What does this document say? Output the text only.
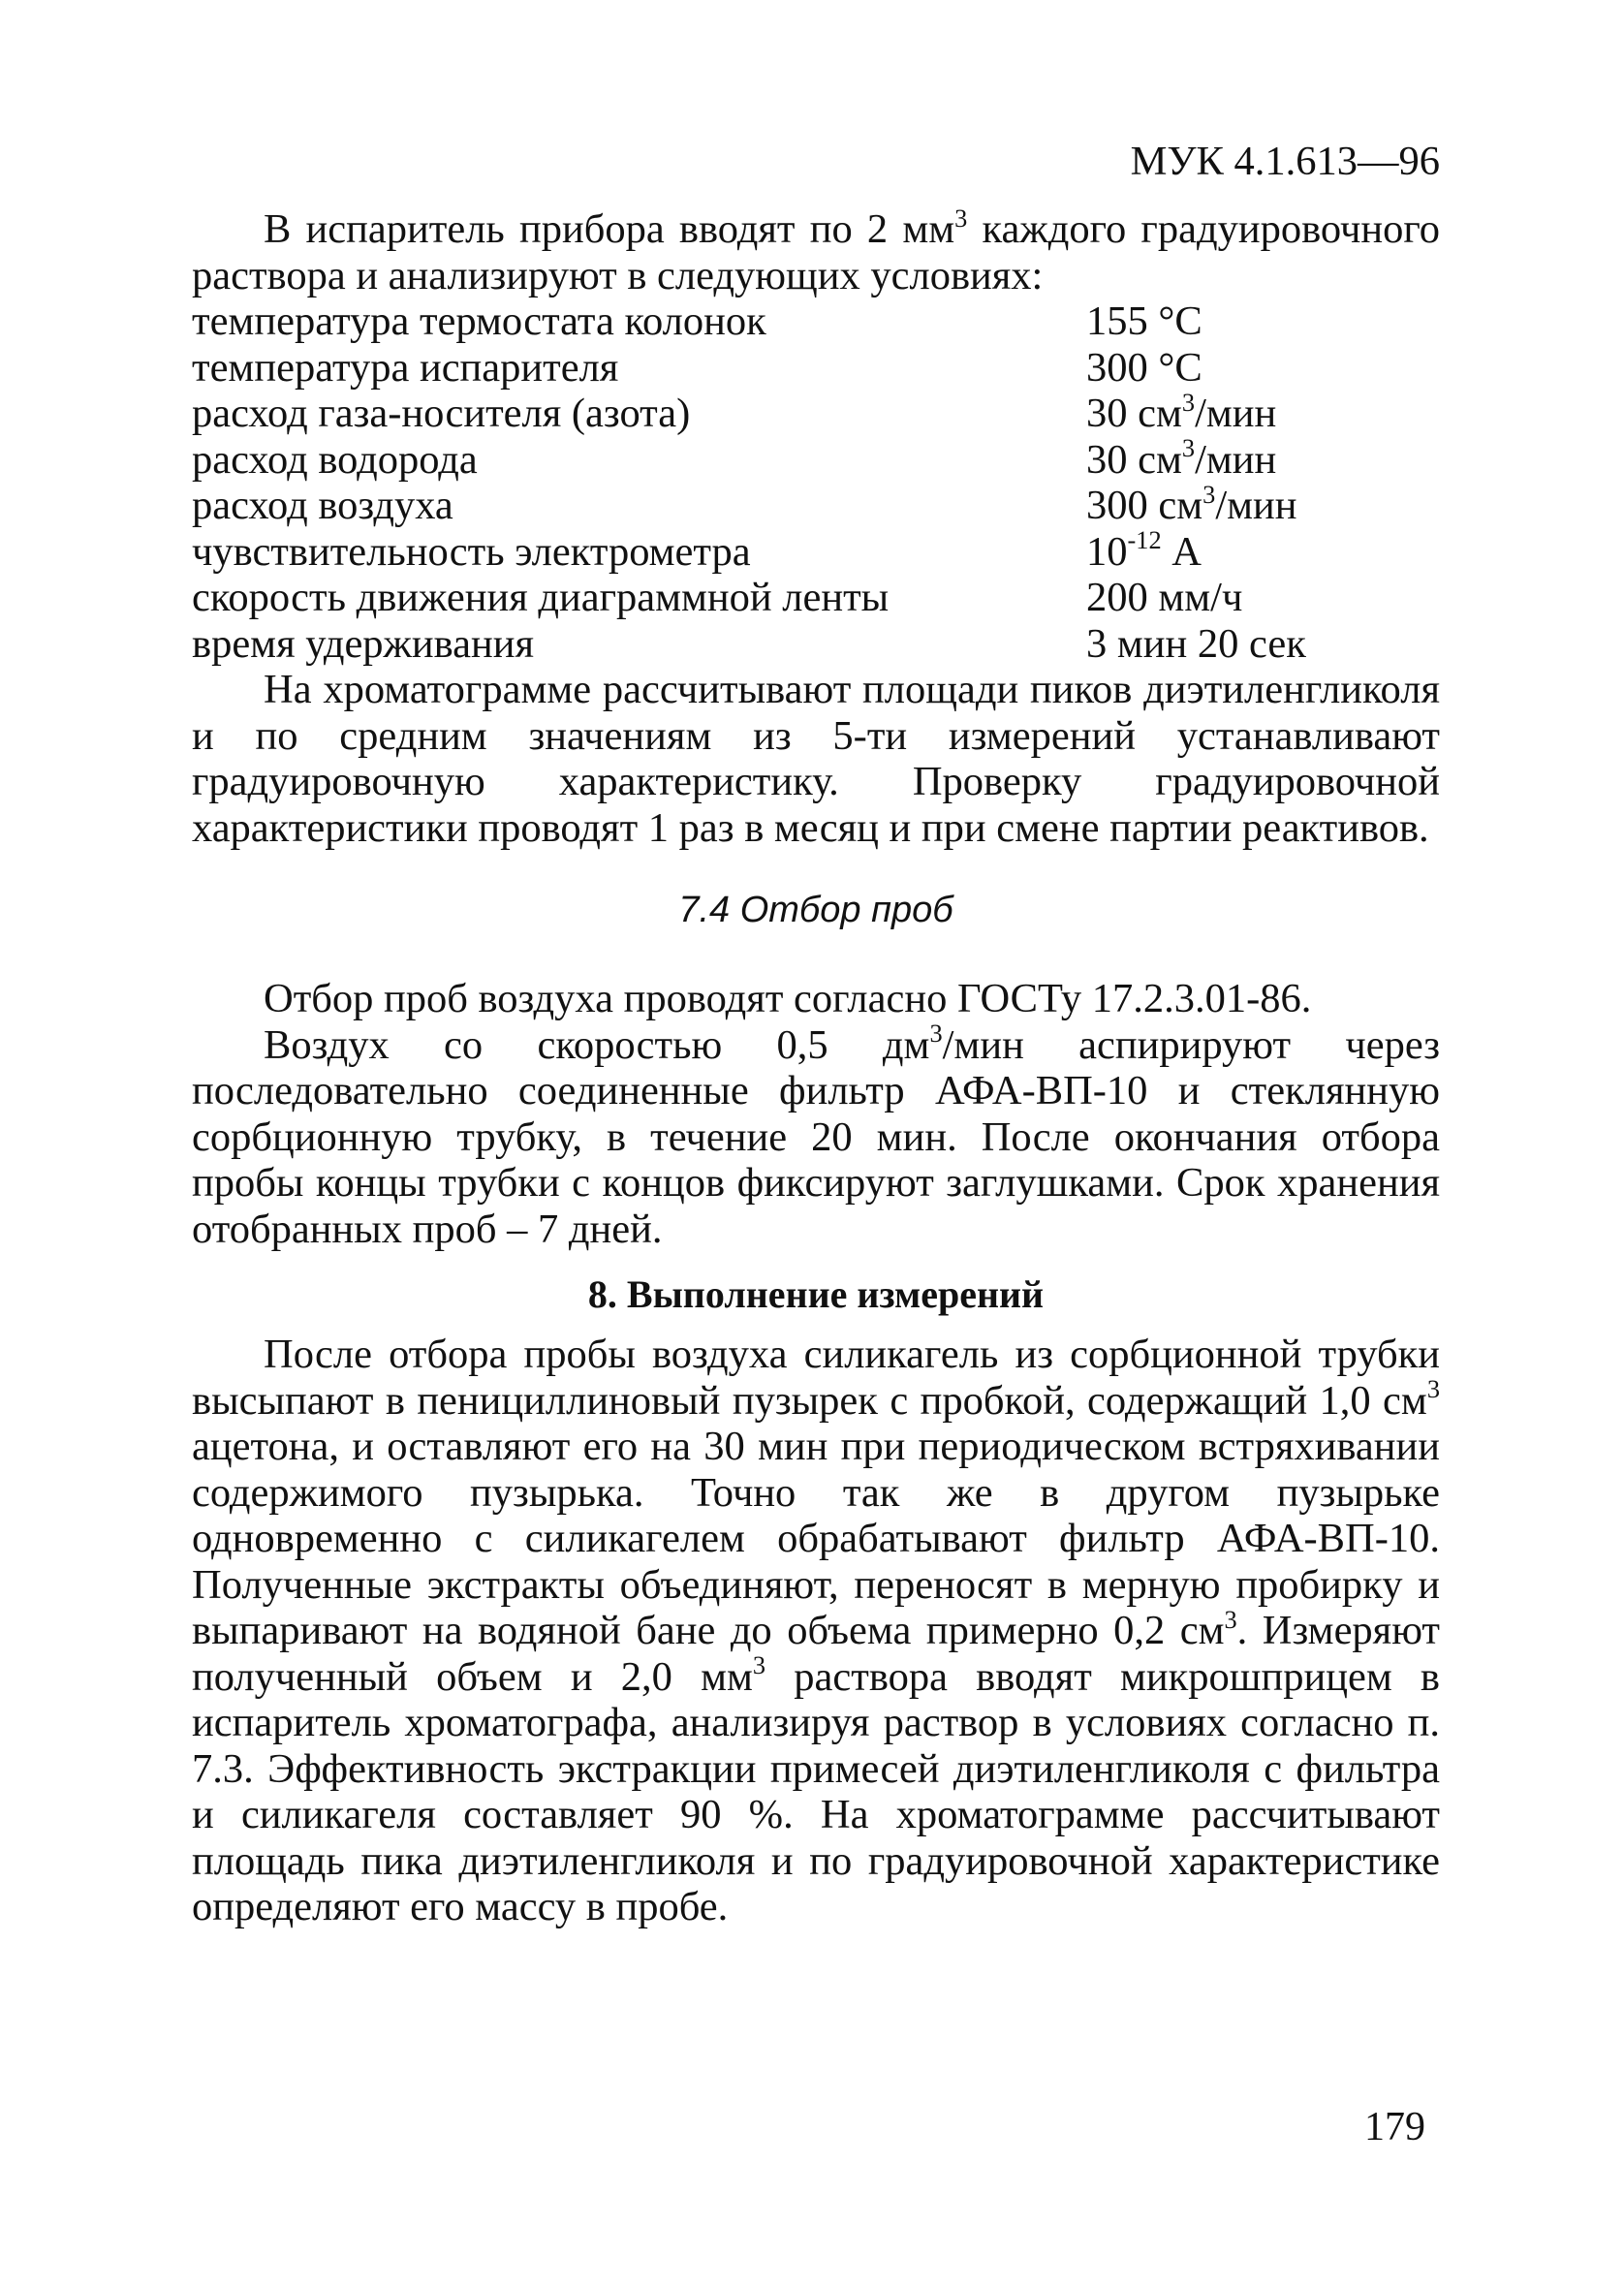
МУК 4.1.613—96

В испаритель прибора вводят по 2 $мм^3$ каждого градуировочного раствора и анализируют в следующих условиях:

температура термостата колонок	155 °С
температура испарителя	300 °С
расход газа-носителя (азота)	30 $см^3$/мин
расход водорода	30 $см^3$/мин
расход воздуха	300 $см^3$/мин
чувствительность электрометра	$10^{-12}$ А
скорость движения диаграммной ленты	200 мм/ч
время удерживания	3 мин 20 сек

На хроматограмме рассчитывают площади пиков диэтиленгликоля и по средним значениям из 5-ти измерений устанавливают градуировочную характеристику. Проверку градуировочной характеристики проводят 1 раз в месяц и при смене партии реактивов.

7.4 Отбор проб

Отбор проб воздуха проводят согласно ГОСТу 17.2.3.01-86.

Воздух со скоростью 0,5 $дм^3$/мин аспирируют через последовательно соединенные фильтр АФА-ВП-10 и стеклянную сорбционную трубку, в течение 20 мин. После окончания отбора пробы концы трубки с концов фиксируют заглушками. Срок хранения отобранных проб – 7 дней.

8. Выполнение измерений

После отбора пробы воздуха силикагель из сорбционной трубки высыпают в пенициллиновый пузырек с пробкой, содержащий 1,0 $см^3$ ацетона, и оставляют его на 30 мин при периодическом встряхивании содержимого пузырька. Точно так же в другом пузырьке одновременно с силикагелем обрабатывают фильтр АФА-ВП-10. Полученные экстракты объединяют, переносят в мерную пробирку и выпаривают на водяной бане до объема примерно 0,2 $см^3$. Измеряют полученный объем и 2,0 $мм^3$ раствора вводят микрошприцем в испаритель хроматографа, анализируя раствор в условиях согласно п. 7.3. Эффективность экстракции примесей диэтиленгликоля с фильтра и силикагеля составляет 90 %. На хроматограмме рассчитывают площадь пика диэтиленгликоля и по градуировочной характеристике определяют его массу в пробе.

179
